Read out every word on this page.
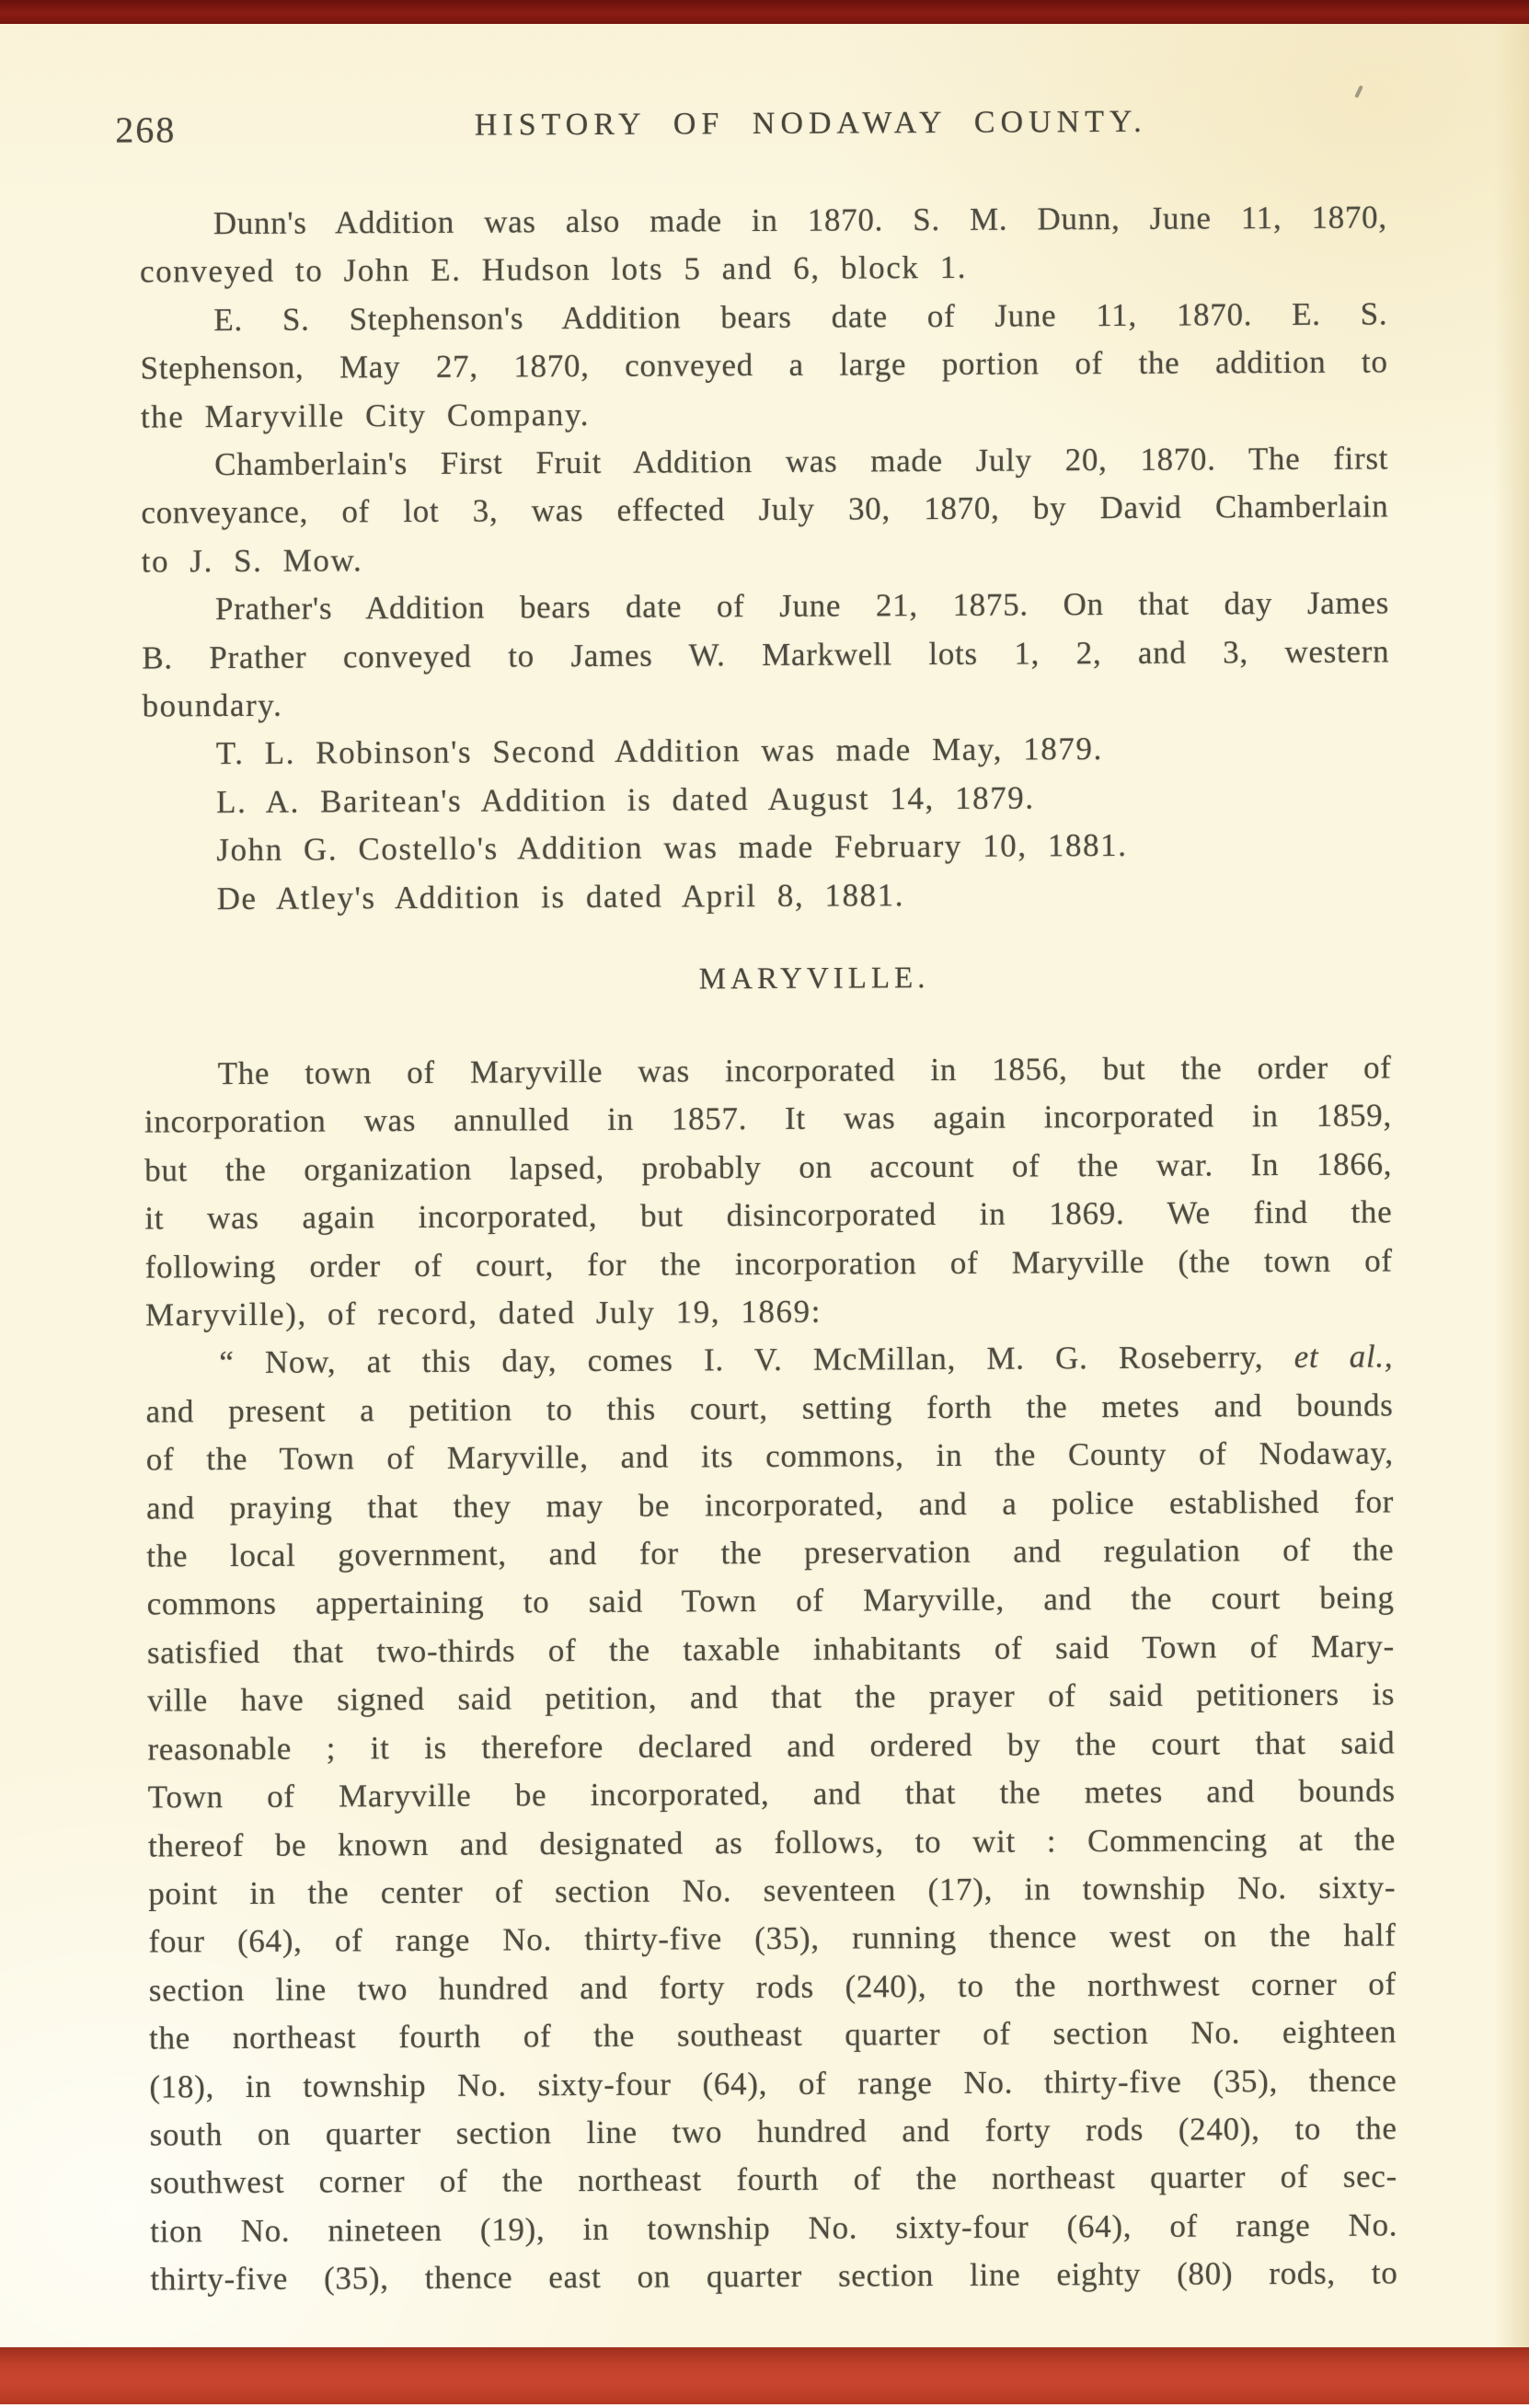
268	HISTORY OF NODAWAY COUNTY.
Dunn's Addition was also made in 1870. S. M. Dunn, June 11, 1870,
conveyed to John E. Hudson lots 5 and 6, block 1.
E. S. Stephenson's Addition bears date of June 11, 1870. E. S.
Stephenson, May 27, 1870, conveyed a large portion of the addition to
the Maryville City Company.
Chamberlain's First Fruit Addition was made July 20, 1870. The first
conveyance, of lot 3, was effected July 30, 1870, by David Chamberlain
to J. S. Mow.
Prather's Addition bears date of June 21, 1875. On that day James
B. Prather conveyed to James W. Markwell lots 1, 2, and 3, western
boundary.
T. L. Robinson's Second Addition was made May, 1879.
L. A. Baritean's Addition is dated August 14, 1879.
John G. Costello's Addition was made February 10, 1881.
De Atley's Addition is dated April 8, 1881.
MARYVILLE.
The town of Maryville was incorporated in 1856, but the order of
incorporation was annulled in 1857. It was again incorporated in 1859,
but the organization lapsed, probably on account of the war. In 1866,
it was again incorporated, but disincorporated in 1869. We find the
following order of court, for the incorporation of Maryville (the town of
Maryville), of record, dated July 19, 1869:
“ Now, at this day, comes I. V. McMillan, M. G. Roseberry, et al.,
and present a petition to this court, setting forth the metes and bounds
of the Town of Maryville, and its commons, in the County of Nodaway,
and praying that they may be incorporated, and a police established for
the local government, and for the preservation and regulation of the
commons appertaining to said Town of Maryville, and the court being
satisfied that two-thirds of the taxable inhabitants of said Town of Mary-
ville have signed said petition, and that the prayer of said petitioners is
reasonable ; it is therefore declared and ordered by the court that said
Town of Maryville be incorporated, and that the metes and bounds
thereof be known and designated as follows, to wit : Commencing at the
point in the center of section No. seventeen (17), in township No. sixty-
four (64), of range No. thirty-five (35), running thence west on the half
section line two hundred and forty rods (240), to the northwest corner of
the northeast fourth of the southeast quarter of section No. eighteen
(18), in township No. sixty-four (64), of range No. thirty-five (35), thence
south on quarter section line two hundred and forty rods (240), to the
southwest corner of the northeast fourth of the northeast quarter of sec-
tion No. nineteen (19), in township No. sixty-four (64), of range No.
thirty-five (35), thence east on quarter section line eighty (80) rods, to
